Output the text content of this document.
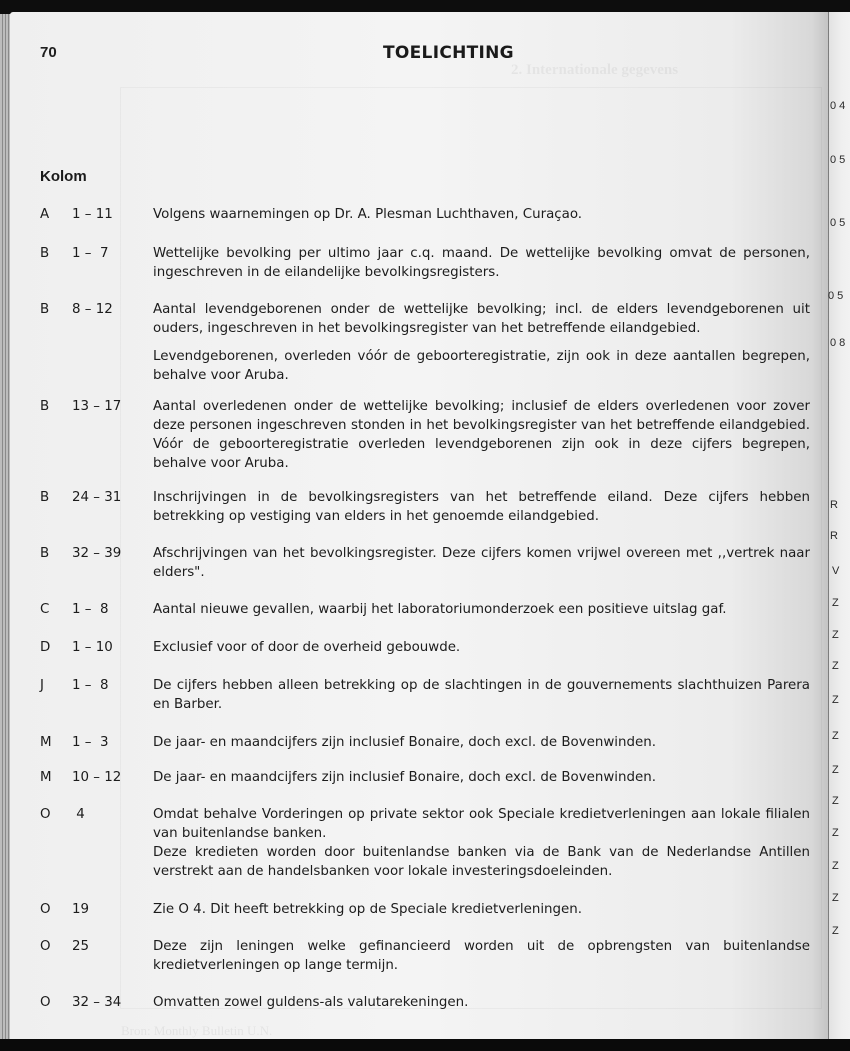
2. Internationale gegevens
Bron: Monthly Bulletin U.N.
70	TOELICHTING
Kolom
A	1 – 11	Volgens waarnemingen op Dr. A. Plesman Luchthaven, Curaçao.

B	1 –  7	Wettelijke bevolking per ultimo jaar c.q. maand. De wettelijke bevolking omvat de personen, ingeschreven in de eilandelijke bevolkingsregisters.

B	8 – 12	Aantal levendgeborenen onder de wettelijke bevolking; incl. de elders levendgeborenen uit ouders, ingeschreven in het bevolkingsregister van het betreffende eilandgebied.

Levendgeborenen, overleden vóór de geboorteregistratie, zijn ook in deze aantallen begrepen, behalve voor Aruba.

B	13 – 17	Aantal overledenen onder de wettelijke bevolking; inclusief de elders overledenen voor zover deze personen ingeschreven stonden in het bevolkingsregister van het betreffende eilandgebied. Vóór de geboorteregistratie overleden levendgeborenen zijn ook in deze cijfers begrepen, behalve voor Aruba.

B	24 – 31	Inschrijvingen in de bevolkingsregisters van het betreffende eiland. Deze cijfers hebben betrekking op vestiging van elders in het genoemde eilandgebied.

B	32 – 39	Afschrijvingen van het bevolkingsregister. Deze cijfers komen vrijwel overeen met ,,vertrek naar elders".

C	1 –  8	Aantal nieuwe gevallen, waarbij het laboratoriumonderzoek een positieve uitslag gaf.

D	1 – 10	Exclusief voor of door de overheid gebouwde.

J	1 –  8	De cijfers hebben alleen betrekking op de slachtingen in de gouvernements slachthuizen Parera en Barber.

M	1 –  3	De jaar- en maandcijfers zijn inclusief Bonaire, doch excl. de Bovenwinden.

M	10 – 12	De jaar- en maandcijfers zijn inclusief Bonaire, doch excl. de Bovenwinden.

O	4	Omdat behalve Vorderingen op private sektor ook Speciale kredietverleningen aan lokale filialen van buitenlandse banken.

Deze kredieten worden door buitenlandse banken via de Bank van de Nederlandse Antillen verstrekt aan de handelsbanken voor lokale investeringsdoeleinden.

O	19	Zie O 4. Dit heeft betrekking op de Speciale kredietverleningen.

O	25	Deze zijn leningen welke gefinancieerd worden uit de opbrengsten van buitenlandse kredietverleningen op lange termijn.

O	32 – 34	Omvatten zowel guldens-als valutarekeningen.

0 4
0 5
0 5
0 5
0 8
R
R
V
Z
Z
Z
Z
Z
Z
Z
Z
Z
Z
Z
